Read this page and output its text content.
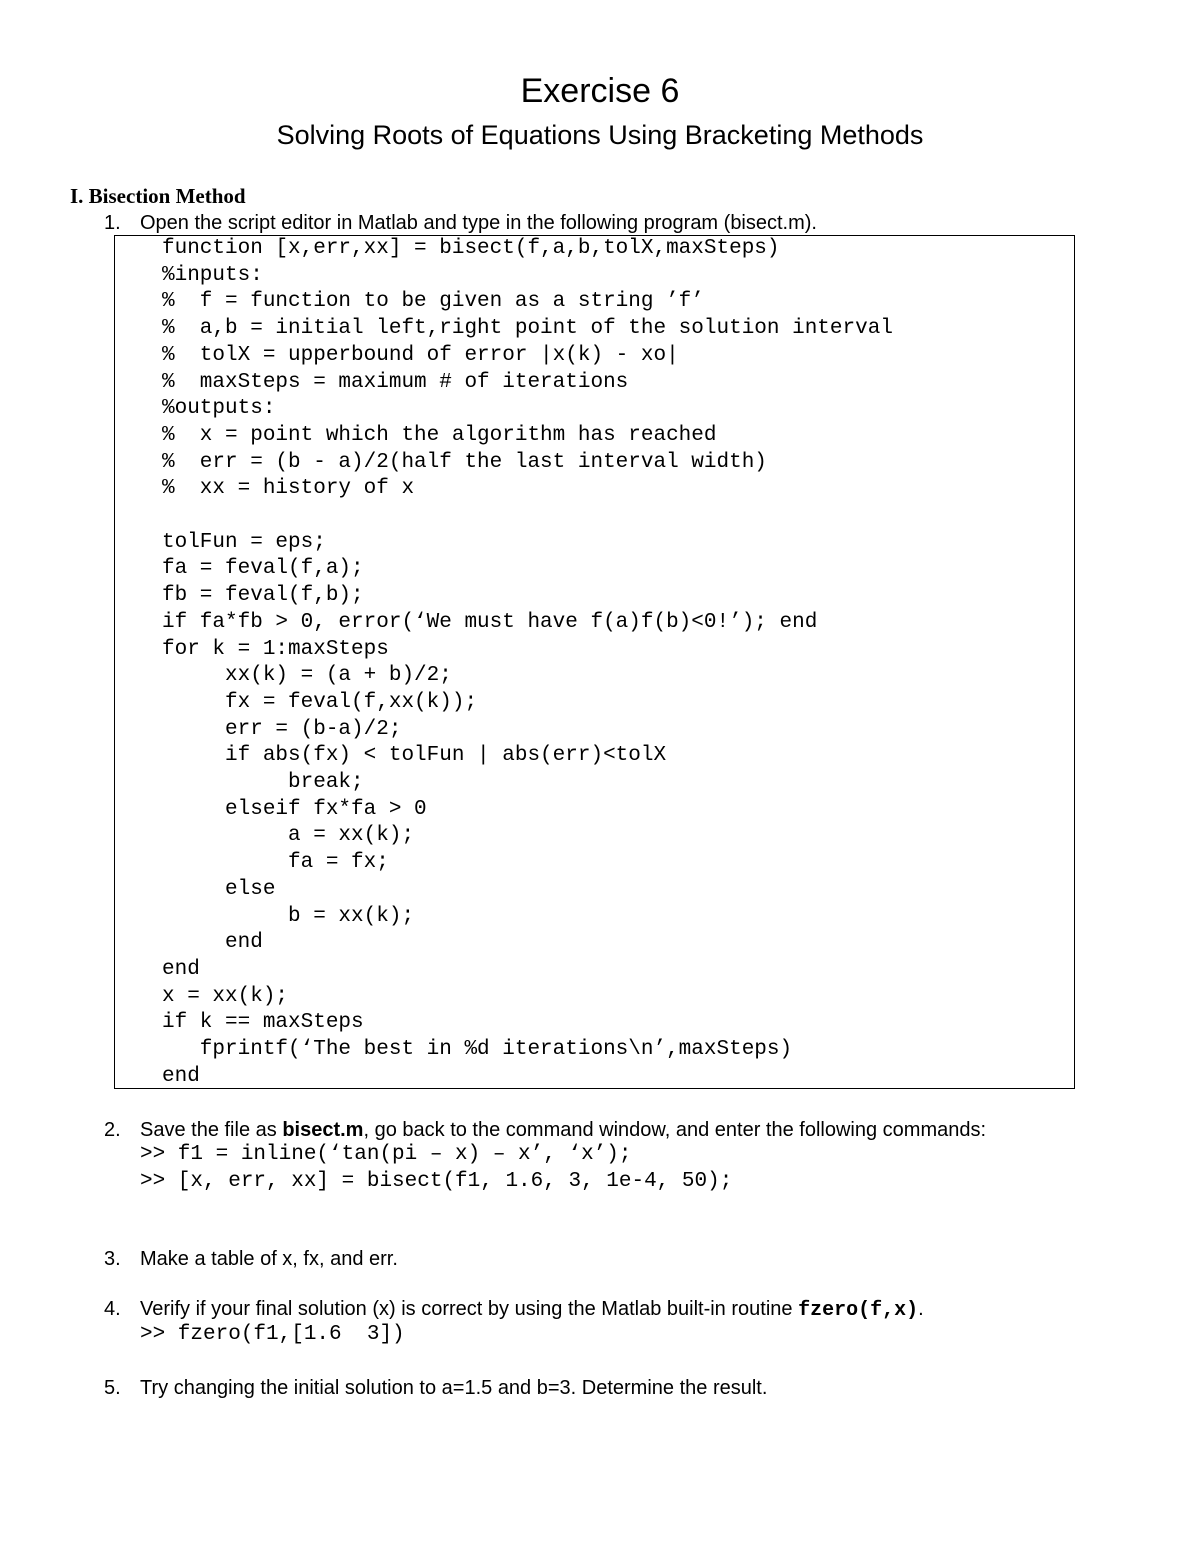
Exercise 6
Solving Roots of Equations Using Bracketing Methods
I. Bisection Method
1. Open the script editor in Matlab and type in the following program (bisect.m).
function [x,err,xx] = bisect(f,a,b,tolX,maxSteps)
%inputs:
%  f = function to be given as a string ’f’
%  a,b = initial left,right point of the solution interval
%  tolX = upperbound of error |x(k) - xo|
%  maxSteps = maximum # of iterations
%outputs:
%  x = point which the algorithm has reached
%  err = (b - a)/2(half the last interval width)
%  xx = history of x
tolFun = eps;
fa = feval(f,a);
fb = feval(f,b);
if fa*fb > 0, error(‘We must have f(a)f(b)<0!’); end
for k = 1:maxSteps
xx(k) = (a + b)/2;
fx = feval(f,xx(k));
err = (b-a)/2;
if abs(fx) < tolFun | abs(err)<tolX
break;
elseif fx*fa > 0
a = xx(k);
fa = fx;
else
b = xx(k);
end
end
x = xx(k);
if k == maxSteps
fprintf(‘The best in %d iterations\n’,maxSteps)
end
2. Save the file as bisect.m, go back to the command window, and enter the following commands:
>> f1 = inline(‘tan(pi – x) – x’, ‘x’);
>> [x, err, xx] = bisect(f1, 1.6, 3, 1e-4, 50);
3. Make a table of x, fx, and err.
4. Verify if your final solution (x) is correct by using the Matlab built-in routine fzero(f,x).
>> fzero(f1,[1.6  3])
5. Try changing the initial solution to a=1.5 and b=3. Determine the result.
